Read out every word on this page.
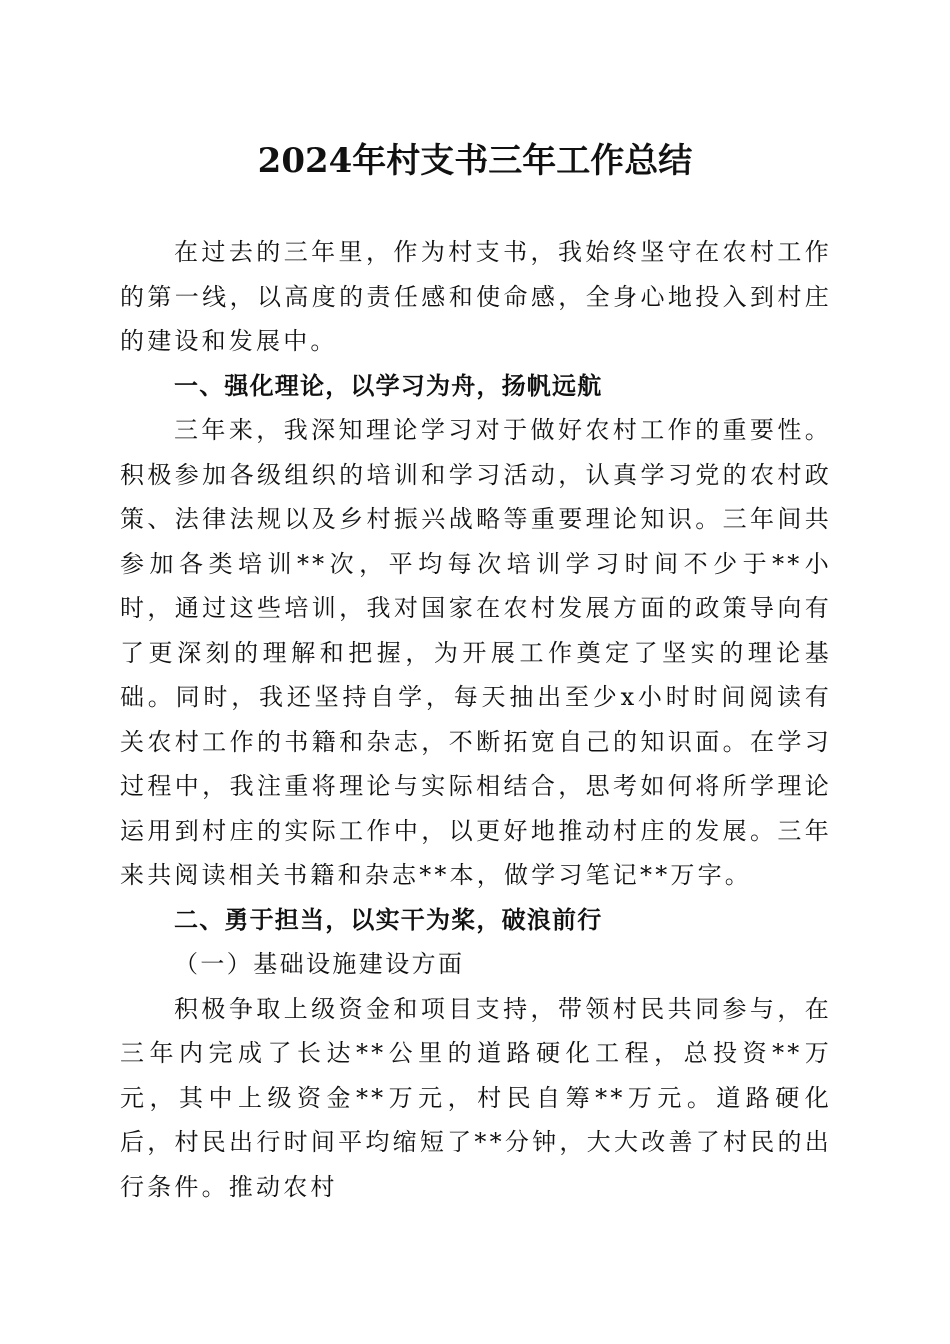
2024年村支书三年工作总结

在过去的三年里，作为村支书，我始终坚守在农村工作的第一线，以高度的责任感和使命感，全身心地投入到村庄的建设和发展中。

一、强化理论，以学习为舟，扬帆远航

三年来，我深知理论学习对于做好农村工作的重要性。积极参加各级组织的培训和学习活动，认真学习党的农村政策、法律法规以及乡村振兴战略等重要理论知识。三年间共参加各类培训**次，平均每次培训学习时间不少于**小时，通过这些培训，我对国家在农村发展方面的政策导向有了更深刻的理解和把握，为开展工作奠定了坚实的理论基础。同时，我还坚持自学，每天抽出至少x小时时间阅读有关农村工作的书籍和杂志，不断拓宽自己的知识面。在学习过程中，我注重将理论与实际相结合，思考如何将所学理论运用到村庄的实际工作中，以更好地推动村庄的发展。三年来共阅读相关书籍和杂志**本，做学习笔记**万字。

二、勇于担当，以实干为桨，破浪前行

（一）基础设施建设方面

积极争取上级资金和项目支持，带领村民共同参与，在三年内完成了长达**公里的道路硬化工程，总投资**万元，其中上级资金**万元，村民自筹**万元。道路硬化后，村民出行时间平均缩短了**分钟，大大改善了村民的出行条件。推动农村
